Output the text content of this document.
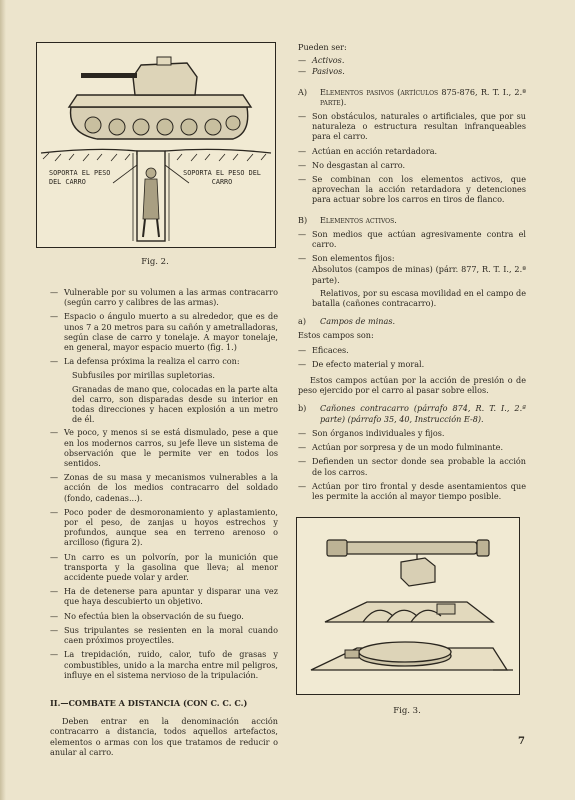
SOPORTA EL PESO DEL CARRO
SOPORTA EL PESO DEL CARRO
Fig. 2.
— Vulnerable por su volumen a las armas contracarro (según carro y calibres de las armas).
— Espacio o ángulo muerto a su alrededor, que es de unos 7 a 20 metros para su cañón y ametralladoras, según clase de carro y tonelaje. A mayor tonelaje, en general, mayor espacio muerto (fig. 1.)
— La defensa próxima la realiza el carro con:
Subfusiles por mirillas supletorias.
Granadas de mano que, colocadas en la parte alta del carro, son disparadas desde su interior en todas direcciones y hacen explosión a un metro de él.
— Ve poco, y menos si se está dismulado, pese a que en los modernos carros, su jefe lleve un sistema de observación que le permite ver en todos los sentidos.
— Zonas de su masa y mecanismos vulnerables a la acción de los medios contracarro del soldado (fondo, cadenas...).
— Poco poder de desmoronamiento y aplastamiento, por el peso, de zanjas u hoyos estrechos y profundos, aunque sea en terreno arenoso o arcilloso (figura 2).
— Un carro es un polvorín, por la munición que transporta y la gasolina que lleva; al menor accidente puede volar y arder.
— Ha de detenerse para apuntar y disparar una vez que haya descubierto un objetivo.
— No efectúa bien la observación de su fuego.
— Sus tripulantes se resienten en la moral cuando caen próximos proyectiles.
— La trepidación, ruido, calor, tufo de grasas y combustibles, unido a la marcha entre mil peligros, influye en el sistema nervioso de la tripulación.
II.—COMBATE A DISTANCIA (CON C. C. C.)
Deben entrar en la denominación acción contracarro a distancia, todos aquellos artefactos, elementos o armas con los que tratamos de reducir o anular al carro.
Pueden ser:
— Activos.
— Pasivos.
A)	Elementos pasivos (artículos 875-876, R. T. I., 2.ª parte).
— Son obstáculos, naturales o artificiales, que por su naturaleza o estructura resultan infranqueables para el carro.
— Actúan en acción retardadora.
— No desgastan al carro.
— Se combinan con los elementos activos, que aprovechan la acción retardadora y detenciones para actuar sobre los carros en tiros de flanco.
B)	Elementos activos.
— Son medios que actúan agresivamente contra el carro.
— Son elementos fijos:
Absolutos (campos de minas) (párr. 877, R. T. I., 2.ª parte).
Relativos, por su escasa movilidad en el campo de batalla (cañones contracarro).
a)	Campos de minas.
Estos campos son:
— Eficaces.
— De efecto material y moral.
Estos campos actúan por la acción de presión o de peso ejercido por el carro al pasar sobre ellos.
b)	Cañones contracarro (párrafo 874, R. T. I., 2.ª parte) (párrafo 35, 40, Instrucción E-8).
— Son órganos individuales y fijos.
— Actúan por sorpresa y de un modo fulminante.
— Defienden un sector donde sea probable la acción de los carros.
— Actúan por tiro frontal y desde asentamientos que les permite la acción al mayor tiempo posible.
Fig. 3.
7
